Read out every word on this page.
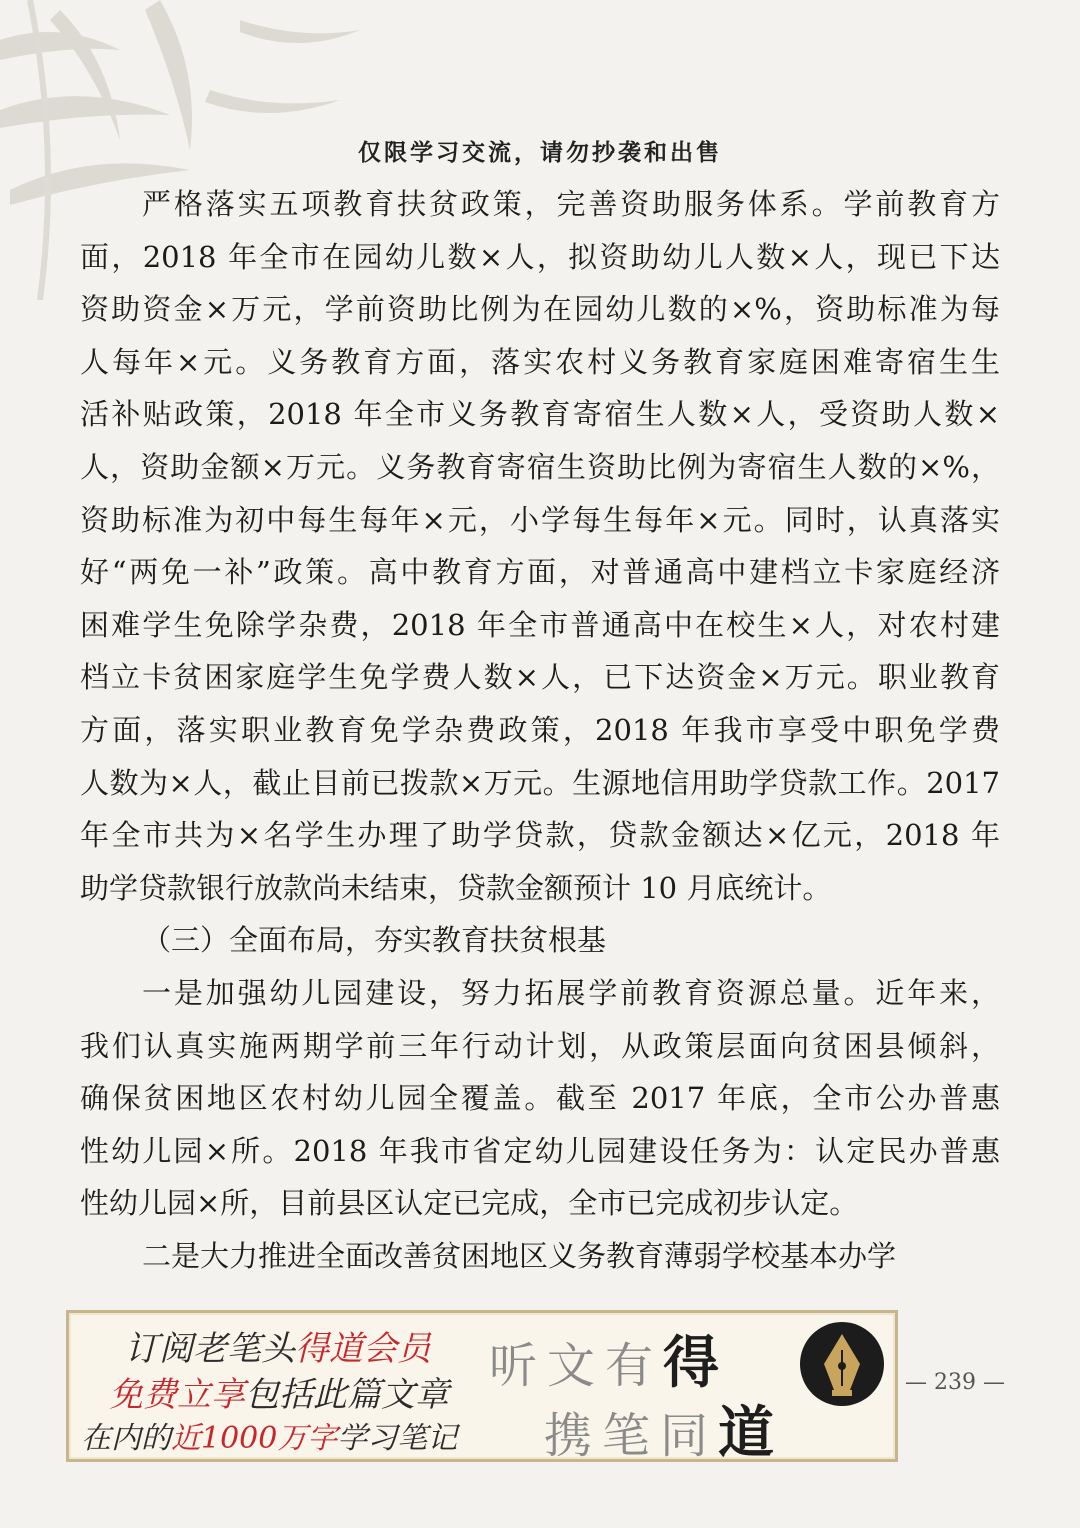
仅限学习交流，请勿抄袭和出售
严格落实五项教育扶贫政策，完善资助服务体系。学前教育方
面，2018 年全市在园幼儿数×人，拟资助幼儿人数×人，现已下达
资助资金×万元，学前资助比例为在园幼儿数的×%，资助标准为每
人每年×元。义务教育方面，落实农村义务教育家庭困难寄宿生生
活补贴政策，2018 年全市义务教育寄宿生人数×人，受资助人数×
人，资助金额×万元。义务教育寄宿生资助比例为寄宿生人数的×%，
资助标准为初中每生每年×元，小学每生每年×元。同时，认真落实
好“两免一补”政策。高中教育方面，对普通高中建档立卡家庭经济
困难学生免除学杂费，2018 年全市普通高中在校生×人，对农村建
档立卡贫困家庭学生免学费人数×人，已下达资金×万元。职业教育
方面，落实职业教育免学杂费政策，2018 年我市享受中职免学费
人数为×人，截止目前已拨款×万元。生源地信用助学贷款工作。2017
年全市共为×名学生办理了助学贷款，贷款金额达×亿元，2018 年
助学贷款银行放款尚未结束，贷款金额预计 10 月底统计。
（三）全面布局，夯实教育扶贫根基
一是加强幼儿园建设，努力拓展学前教育资源总量。近年来，
我们认真实施两期学前三年行动计划，从政策层面向贫困县倾斜，
确保贫困地区农村幼儿园全覆盖。截至 2017 年底，全市公办普惠
性幼儿园×所。2018 年我市省定幼儿园建设任务为：认定民办普惠
性幼儿园×所，目前县区认定已完成，全市已完成初步认定。
二是大力推进全面改善贫困地区义务教育薄弱学校基本办学
订阅老笔头得道会员
免费立享包括此篇文章
在内的近1000万字学习笔记
听文有得
携笔同道
— 239 —
